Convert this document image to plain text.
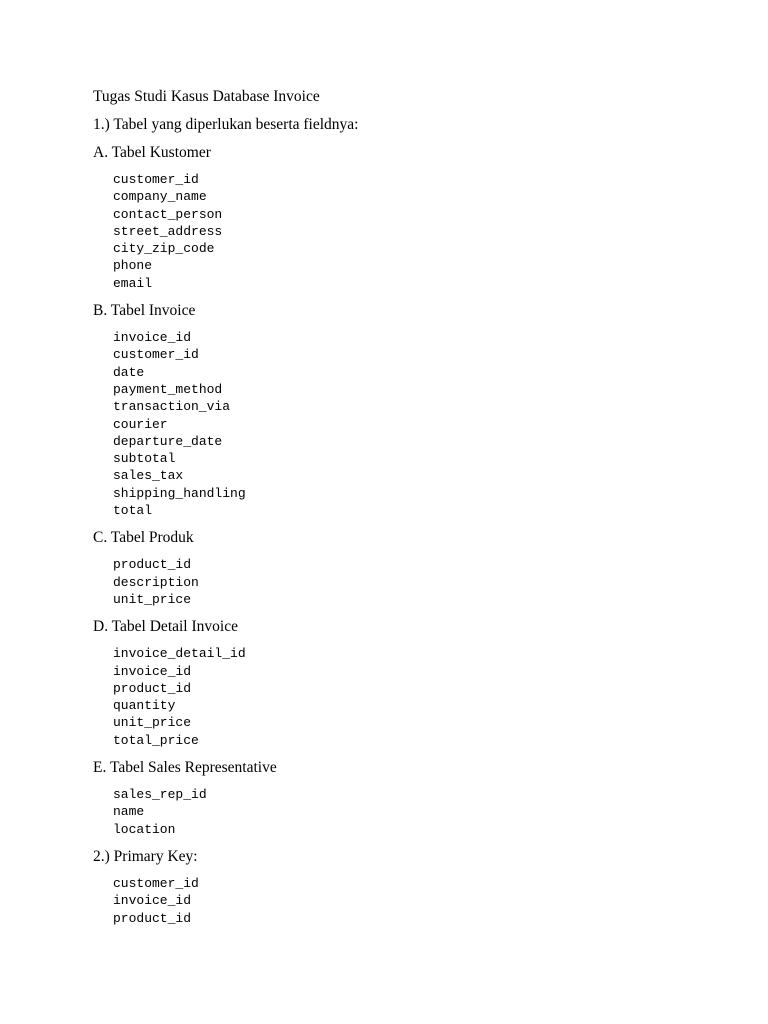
Tugas Studi Kasus Database Invoice

1.) Tabel yang diperlukan beserta fieldnya:

A. Tabel Kustomer

customer_id
company_name
contact_person
street_address
city_zip_code
phone
email

B. Tabel Invoice

invoice_id
customer_id
date
payment_method
transaction_via
courier
departure_date
subtotal
sales_tax
shipping_handling
total

C. Tabel Produk

product_id
description
unit_price

D. Tabel Detail Invoice

invoice_detail_id
invoice_id
product_id
quantity
unit_price
total_price

E. Tabel Sales Representative

sales_rep_id
name
location

2.) Primary Key:

customer_id
invoice_id
product_id
